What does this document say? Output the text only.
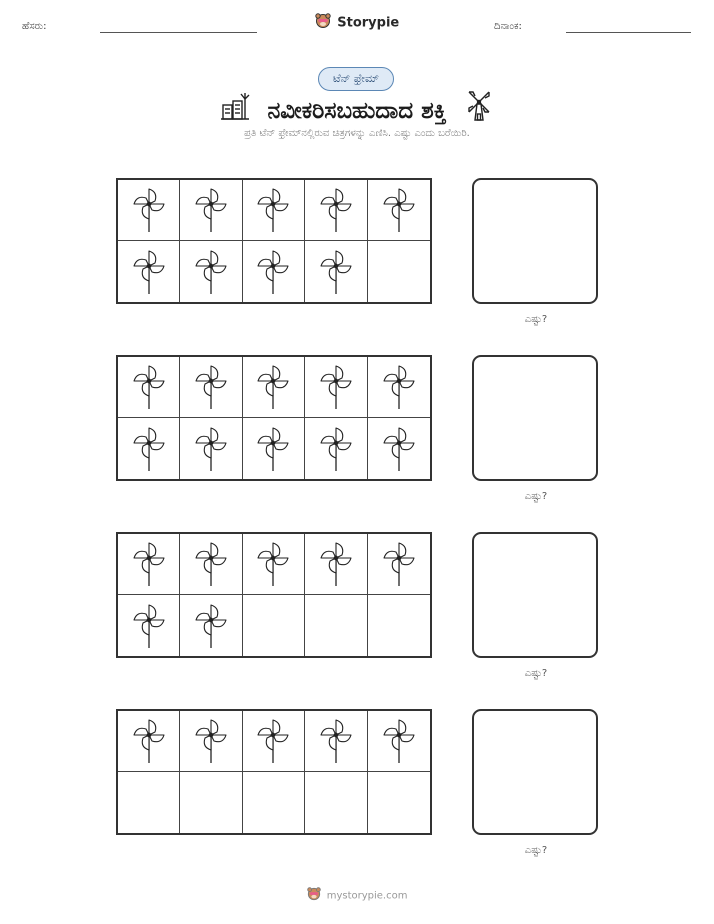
ಹೆಸರು:	Storypie	ದಿನಾಂಕ:
ಟೆನ್ ಫ್ರೇಮ್
ನವೀಕರಿಸಬಹುದಾದ ಶಕ್ತಿ
ಪ್ರತಿ ಟೆನ್ ಫ್ರೇಮ್‌ನಲ್ಲಿರುವ ಚಿತ್ರಗಳನ್ನು ಎಣಿಸಿ. ಎಷ್ಟು ಎಂದು ಬರೆಯಿರಿ.
ಎಷ್ಟು?
ಎಷ್ಟು?
ಎಷ್ಟು?
ಎಷ್ಟು?
mystorypie.com
